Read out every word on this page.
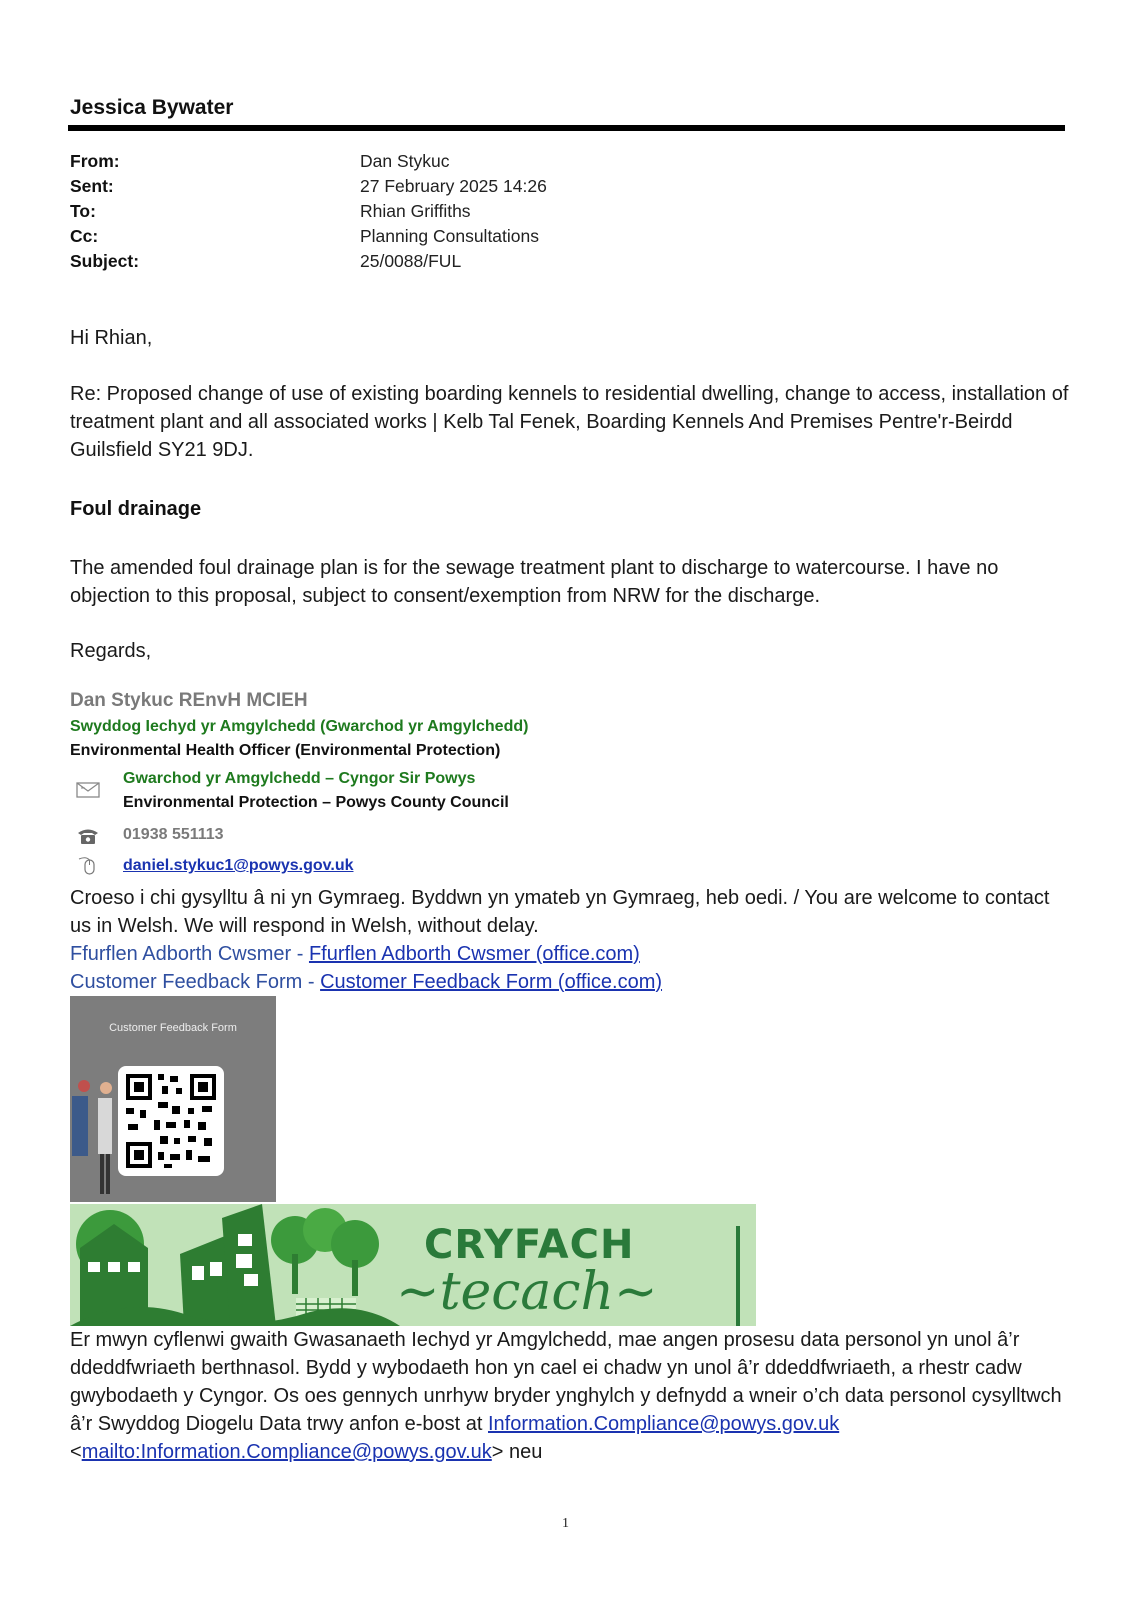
Jessica Bywater
From:	Dan Stykuc
Sent:	27 February 2025 14:26
To:	Rhian Griffiths
Cc:	Planning Consultations
Subject:	25/0088/FUL
Hi Rhian,
Re: Proposed change of use of existing boarding kennels to residential dwelling, change to access, installation of treatment plant and all associated works | Kelb Tal Fenek, Boarding Kennels And Premises Pentre'r-Beirdd Guilsfield SY21 9DJ.
Foul drainage
The amended foul drainage plan is for the sewage treatment plant to discharge to watercourse. I have no objection to this proposal, subject to consent/exemption from NRW for the discharge.
Regards,
Dan Stykuc REnvH MCIEH
Swyddog Iechyd yr Amgylchedd (Gwarchod yr Amgylchedd)
Environmental Health Officer (Environmental Protection)
Gwarchod yr Amgylchedd – Cyngor Sir Powys
Environmental Protection – Powys County Council
01938 551113
daniel.stykuc1@powys.gov.uk
Croeso i chi gysylltu â ni yn Gymraeg. Byddwn yn ymateb yn Gymraeg, heb oedi. / You are welcome to contact us in Welsh. We will respond in Welsh, without delay.
Ffurflen Adborth Cwsmer - Ffurflen Adborth Cwsmer (office.com)
Customer Feedback Form - Customer Feedback Form (office.com)
Customer Feedback Form
CRYFACH
~tecach~
Er mwyn cyflenwi gwaith Gwasanaeth Iechyd yr Amgylchedd, mae angen prosesu data personol yn unol â’r ddeddfwriaeth berthnasol. Bydd y wybodaeth hon yn cael ei chadw yn unol â’r ddeddfwriaeth, a rhestr cadw gwybodaeth y Cyngor. Os oes gennych unrhyw bryder ynghylch y defnydd a wneir o’ch data personol cysylltwch â’r Swyddog Diogelu Data trwy anfon e-bost at Information.Compliance@powys.gov.uk <mailto:Information.Compliance@powys.gov.uk> neu
1
